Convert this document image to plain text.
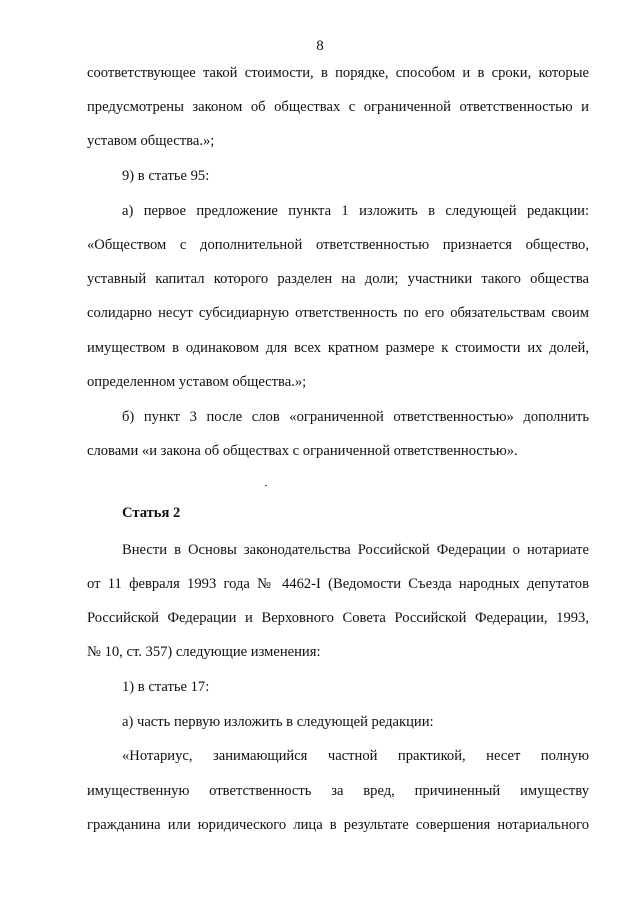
8
соответствующее такой стоимости, в порядке, способом и в сроки, которые
предусмотрены законом об обществах с ограниченной ответственностью и
уставом общества.»;
9) в статье 95:
а) первое предложение пункта 1 изложить в следующей редакции:
«Обществом с дополнительной ответственностью признается общество,
уставный капитал которого разделен на доли; участники такого общества
солидарно несут субсидиарную ответственность по его обязательствам своим
имуществом в одинаковом для всех кратном размере к стоимости их долей,
определенном уставом общества.»;
б) пункт 3 после слов «ограниченной ответственностью» дополнить
словами «и закона об обществах с ограниченной ответственностью».
Статья 2
Внести в Основы законодательства Российской Федерации о нотариате
от 11 февраля 1993 года № 4462-I (Ведомости Съезда народных депутатов
Российской Федерации и Верховного Совета Российской Федерации, 1993,
№ 10, ст. 357) следующие изменения:
1) в статье 17:
а) часть первую изложить в следующей редакции:
«Нотариус, занимающийся частной практикой, несет полную
имущественную ответственность за вред, причиненный имуществу
гражданина или юридического лица в результате совершения нотариального
